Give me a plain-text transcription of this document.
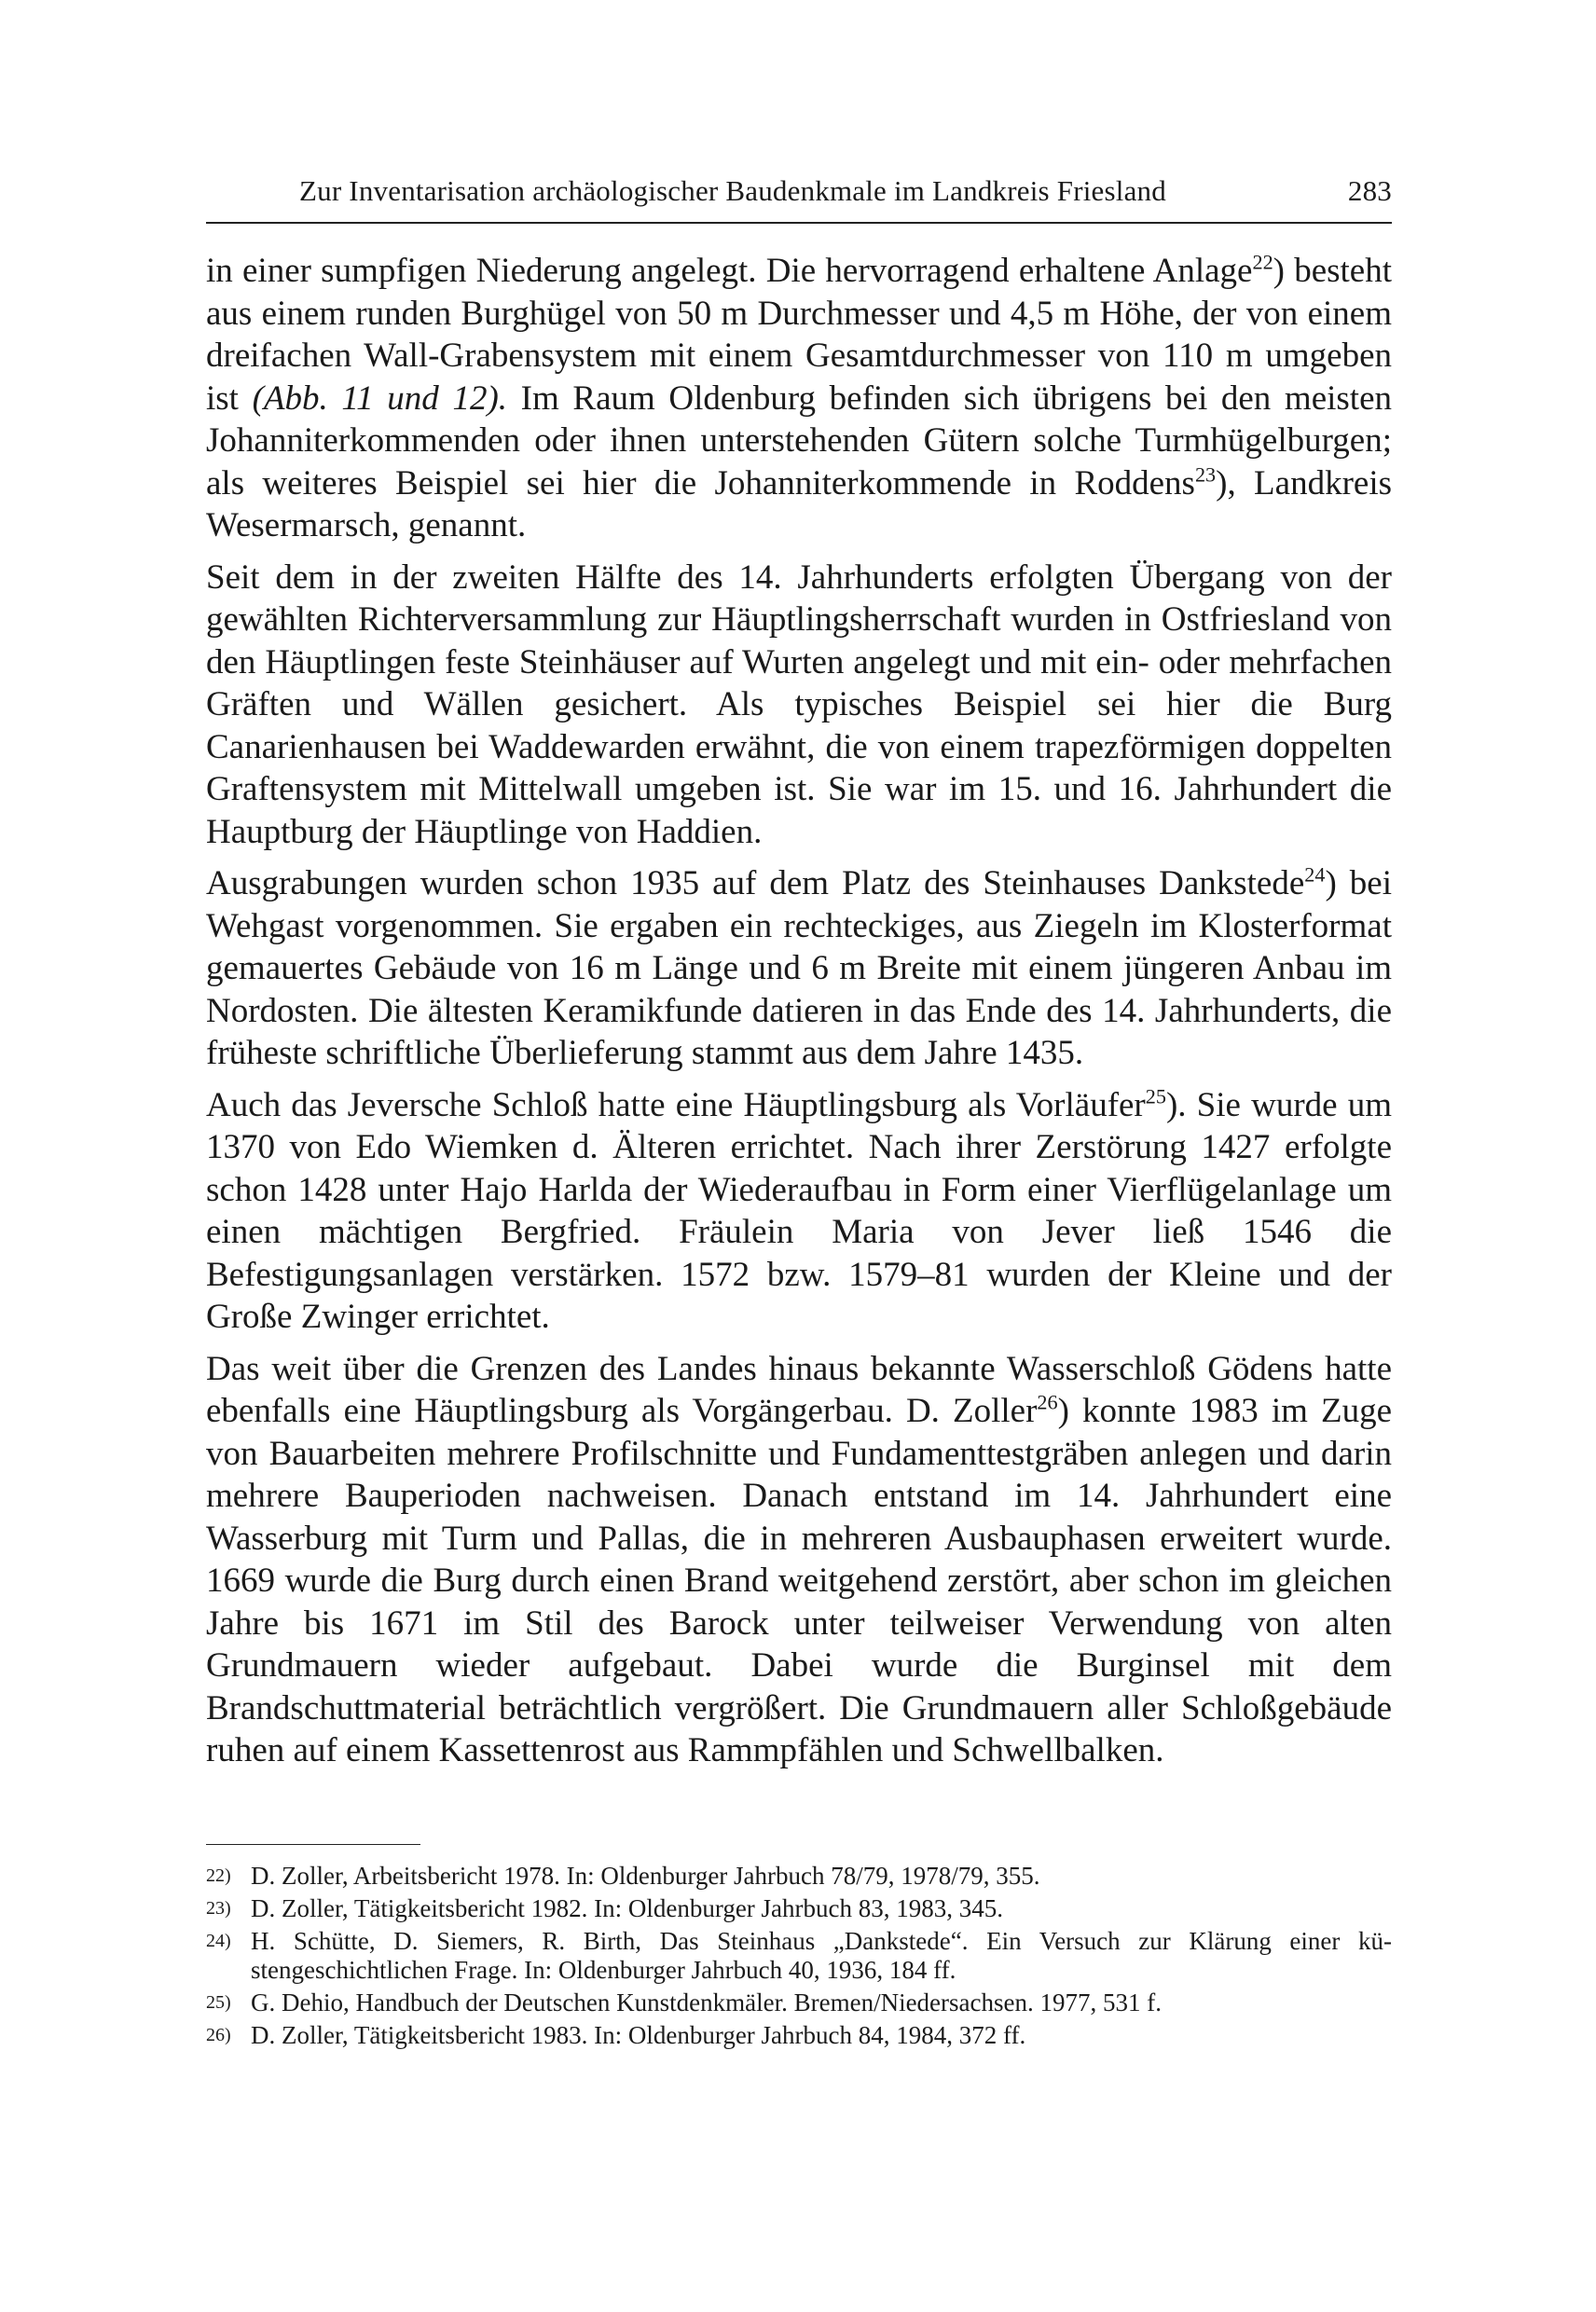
Zur Inventarisation archäologischer Baudenkmale im Landkreis Friesland	283

in einer sumpfigen Niederung angelegt. Die hervorragend erhaltene Anlage$^{22}$) besteht aus einem runden Burghügel von 50 m Durchmesser und 4,5 m Höhe, der von einem dreifachen Wall-Grabensystem mit einem Gesamtdurchmesser von 110 m umgeben ist (Abb. 11 und 12). Im Raum Oldenburg befinden sich übrigens bei den meisten Johanniterkommenden oder ihnen unterstehenden Gütern solche Turmhügelburgen; als weiteres Beispiel sei hier die Johanniterkommende in Roddens$^{23}$), Landkreis Wesermarsch, genannt.

Seit dem in der zweiten Hälfte des 14. Jahrhunderts erfolgten Übergang von der gewählten Richterversammlung zur Häuptlingsherrschaft wurden in Ostfriesland von den Häuptlingen feste Steinhäuser auf Wurten angelegt und mit ein- oder mehrfachen Gräften und Wällen gesichert. Als typisches Beispiel sei hier die Burg Canarienhausen bei Waddewarden erwähnt, die von einem trapezförmigen doppelten Graftensystem mit Mittelwall umgeben ist. Sie war im 15. und 16. Jahrhundert die Hauptburg der Häuptlinge von Haddien.

Ausgrabungen wurden schon 1935 auf dem Platz des Steinhauses Dankstede$^{24}$) bei Wehgast vorgenommen. Sie ergaben ein rechteckiges, aus Ziegeln im Klosterformat gemauertes Gebäude von 16 m Länge und 6 m Breite mit einem jüngeren Anbau im Nordosten. Die ältesten Keramikfunde datieren in das Ende des 14. Jahrhunderts, die früheste schriftliche Überlieferung stammt aus dem Jahre 1435.

Auch das Jeversche Schloß hatte eine Häuptlingsburg als Vorläufer$^{25}$). Sie wurde um 1370 von Edo Wiemken d. Älteren errichtet. Nach ihrer Zerstörung 1427 erfolgte schon 1428 unter Hajo Harlda der Wiederaufbau in Form einer Vierflügelanlage um einen mächtigen Bergfried. Fräulein Maria von Jever ließ 1546 die Befestigungsanlagen verstärken. 1572 bzw. 1579–81 wurden der Kleine und der Große Zwinger errichtet.

Das weit über die Grenzen des Landes hinaus bekannte Wasserschloß Gödens hatte ebenfalls eine Häuptlingsburg als Vorgängerbau. D. Zoller$^{26}$) konnte 1983 im Zuge von Bauarbeiten mehrere Profilschnitte und Fundamenttestgräben anlegen und darin mehrere Bauperioden nachweisen. Danach entstand im 14. Jahrhundert eine Wasserburg mit Turm und Pallas, die in mehreren Ausbauphasen erweitert wurde. 1669 wurde die Burg durch einen Brand weitgehend zerstört, aber schon im gleichen Jahre bis 1671 im Stil des Barock unter teilweiser Verwendung von alten Grundmauern wieder aufgebaut. Dabei wurde die Burginsel mit dem Brandschuttmaterial beträchtlich vergrößert. Die Grundmauern aller Schloßgebäude ruhen auf einem Kassettenrost aus Rammpfählen und Schwellbalken.

22) D. Zoller, Arbeitsbericht 1978. In: Oldenburger Jahrbuch 78/79, 1978/79, 355.
23) D. Zoller, Tätigkeitsbericht 1982. In: Oldenburger Jahrbuch 83, 1983, 345.
24) H. Schütte, D. Siemers, R. Birth, Das Steinhaus „Dankstede“. Ein Versuch zur Klärung einer küstengeschichtlichen Frage. In: Oldenburger Jahrbuch 40, 1936, 184 ff.
25) G. Dehio, Handbuch der Deutschen Kunstdenkmäler. Bremen/Niedersachsen. 1977, 531 f.
26) D. Zoller, Tätigkeitsbericht 1983. In: Oldenburger Jahrbuch 84, 1984, 372 ff.
